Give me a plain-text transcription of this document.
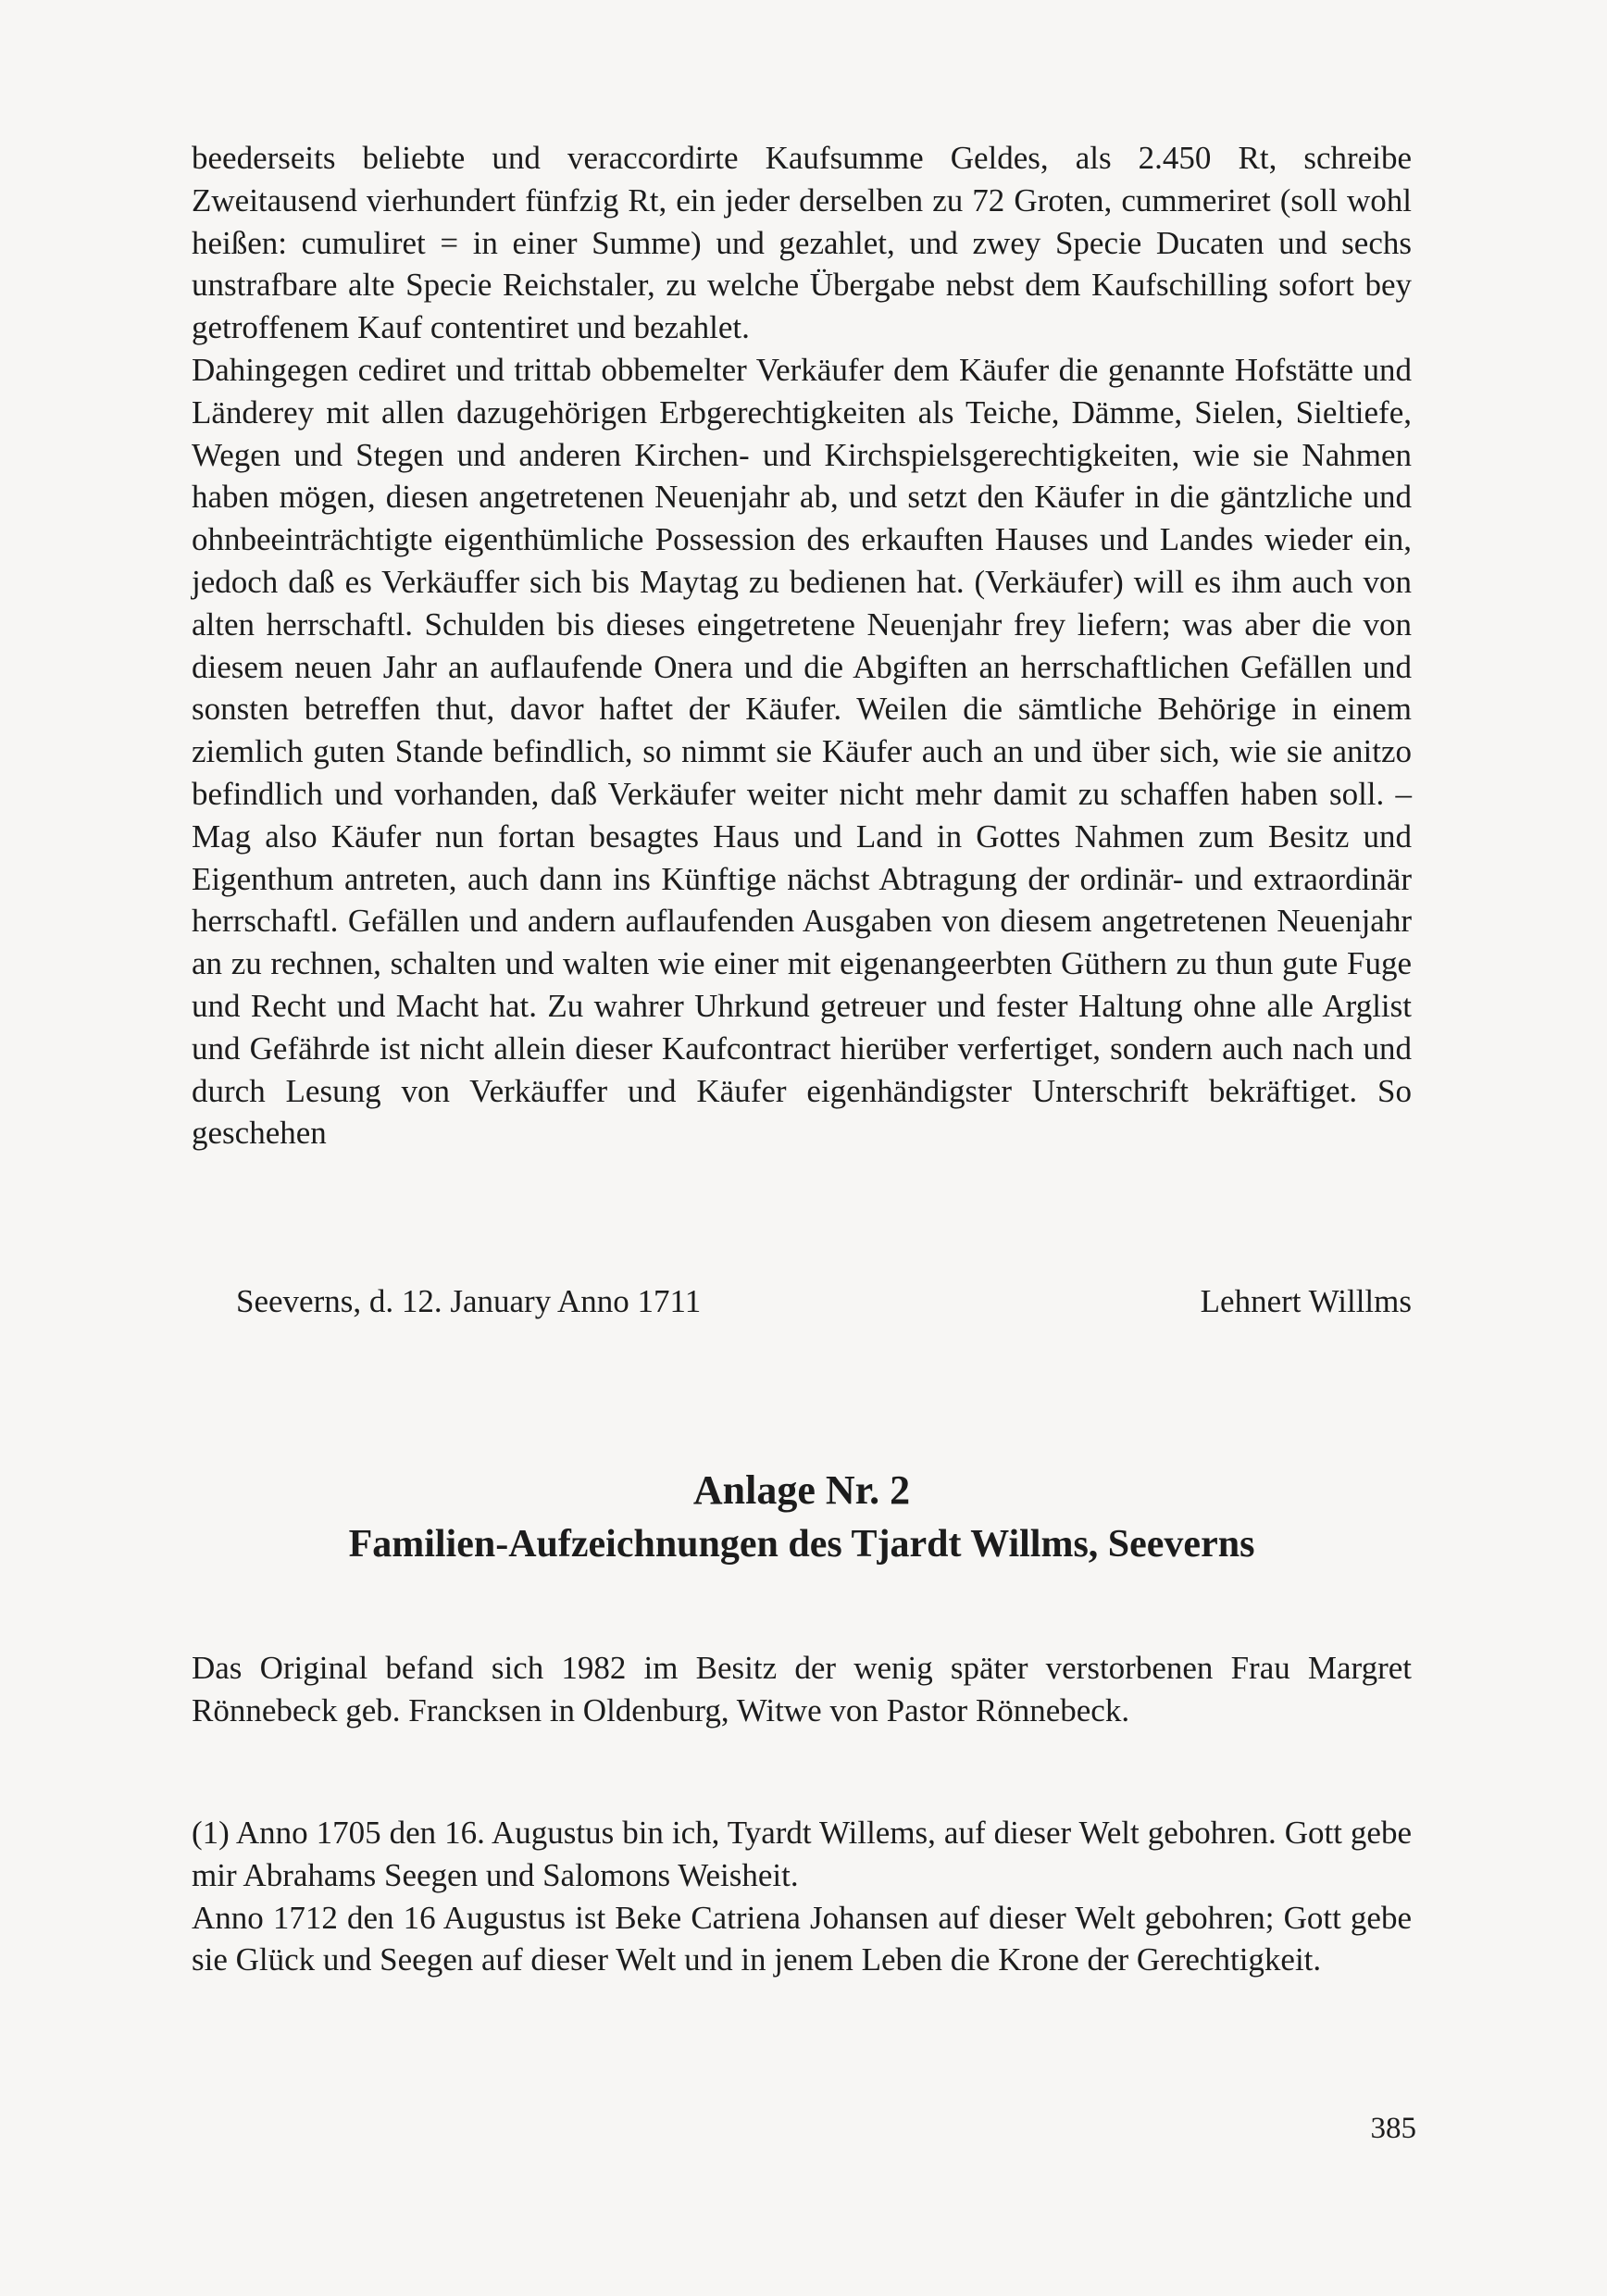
beederseits beliebte und veraccordirte Kaufsumme Geldes, als 2.450 Rt, schreibe Zweitausend vierhundert fünfzig Rt, ein jeder derselben zu 72 Groten, cummeriret (soll wohl heißen: cumuliret = in einer Summe) und gezahlet, und zwey Specie Ducaten und sechs unstrafbare alte Specie Reichstaler, zu welche Übergabe nebst dem Kaufschilling sofort bey getroffenem Kauf contentiret und bezahlet.

Dahingegen cediret und trittab obbemelter Verkäufer dem Käufer die genannte Hofstätte und Länderey mit allen dazugehörigen Erbgerechtigkeiten als Teiche, Dämme, Sielen, Sieltiefe, Wegen und Stegen und anderen Kirchen- und Kirchspielsgerechtigkeiten, wie sie Nahmen haben mögen, diesen angetretenen Neuenjahr ab, und setzt den Käufer in die gäntzliche und ohnbeeinträchtigte eigenthümliche Possession des erkauften Hauses und Landes wieder ein, jedoch daß es Verkäuffer sich bis Maytag zu bedienen hat. (Verkäufer) will es ihm auch von alten herrschaftl. Schulden bis dieses eingetretene Neuenjahr frey liefern; was aber die von diesem neuen Jahr an auflaufende Onera und die Abgiften an herrschaftlichen Gefällen und sonsten betreffen thut, davor haftet der Käufer. Weilen die sämtliche Behörige in einem ziemlich guten Stande befindlich, so nimmt sie Käufer auch an und über sich, wie sie anitzo befindlich und vorhanden, daß Verkäufer weiter nicht mehr damit zu schaffen haben soll. – Mag also Käufer nun fortan besagtes Haus und Land in Gottes Nahmen zum Besitz und Eigenthum antreten, auch dann ins Künftige nächst Abtragung der ordinär- und extraordinär herrschaftl. Gefällen und andern auflaufenden Ausgaben von diesem angetretenen Neuenjahr an zu rechnen, schalten und walten wie einer mit eigenangeerbten Güthern zu thun gute Fuge und Recht und Macht hat. Zu wahrer Uhrkund getreuer und fester Haltung ohne alle Arglist und Gefährde ist nicht allein dieser Kaufcontract hierüber verfertiget, sondern auch nach und durch Lesung von Verkäuffer und Käufer eigenhändigster Unterschrift bekräftiget. So geschehen

Seeverns, d. 12. January Anno 1711	Lehnert Willlms
Anlage Nr. 2
Familien-Aufzeichnungen des Tjardt Willms, Seeverns

Das Original befand sich 1982 im Besitz der wenig später verstorbenen Frau Margret Rönnebeck geb. Francksen in Oldenburg, Witwe von Pastor Rönnebeck.

(1) Anno 1705 den 16. Augustus bin ich, Tyardt Willems, auf dieser Welt gebohren. Gott gebe mir Abrahams Seegen und Salomons Weisheit.

Anno 1712 den 16 Augustus ist Beke Catriena Johansen auf dieser Welt gebohren; Gott gebe sie Glück und Seegen auf dieser Welt und in jenem Leben die Krone der Gerechtigkeit.

385
